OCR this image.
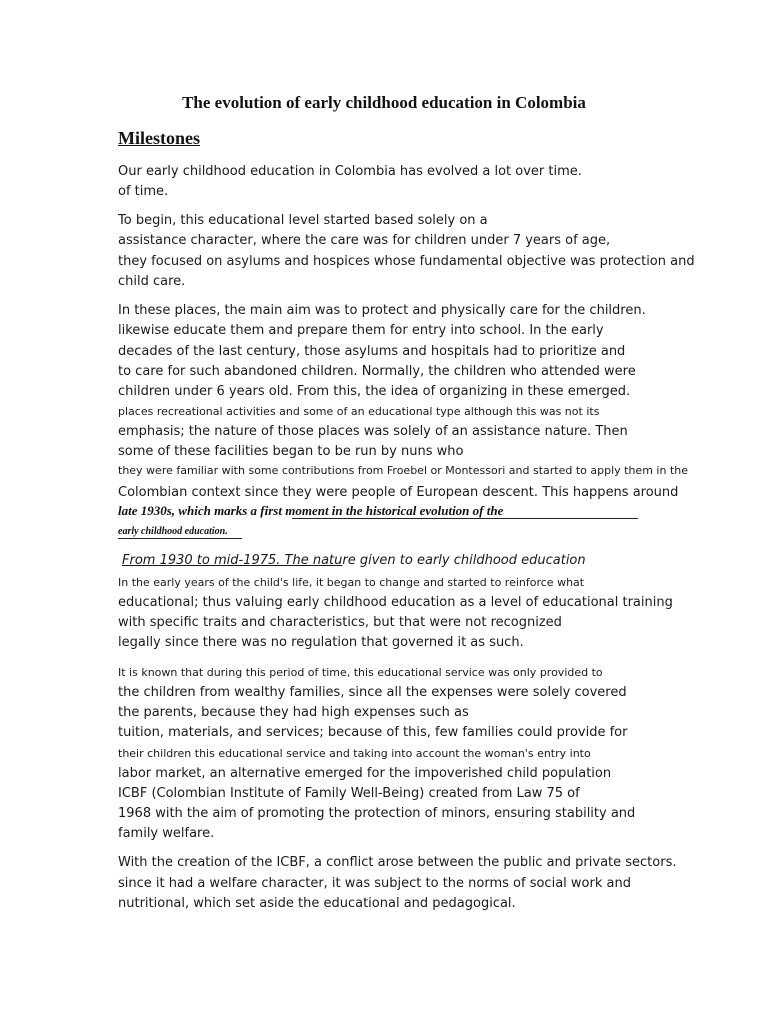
The evolution of early childhood education in Colombia
Milestones
Our early childhood education in Colombia has evolved a lot over time.
of time.
To begin, this educational level started based solely on a
assistance character, where the care was for children under 7 years of age,
they focused on asylums and hospices whose fundamental objective was protection and
child care.
In these places, the main aim was to protect and physically care for the children.
likewise educate them and prepare them for entry into school. In the early
decades of the last century, those asylums and hospitals had to prioritize and
to care for such abandoned children. Normally, the children who attended were
children under 6 years old. From this, the idea of organizing in these emerged.
places recreational activities and some of an educational type although this was not its
emphasis; the nature of those places was solely of an assistance nature. Then
some of these facilities began to be run by nuns who
they were familiar with some contributions from Froebel or Montessori and started to apply them in the
Colombian context since they were people of European descent. This happens around
late 1930s, which marks a first moment in the historical evolution of the
early childhood education.
From 1930 to mid-1975. The nature given to early childhood education
In the early years of the child's life, it began to change and started to reinforce what
educational; thus valuing early childhood education as a level of educational training
with specific traits and characteristics, but that were not recognized
legally since there was no regulation that governed it as such.
It is known that during this period of time, this educational service was only provided to
the children from wealthy families, since all the expenses were solely covered
the parents, because they had high expenses such as
tuition, materials, and services; because of this, few families could provide for
their children this educational service and taking into account the woman's entry into
labor market, an alternative emerged for the impoverished child population
ICBF (Colombian Institute of Family Well-Being) created from Law 75 of
1968 with the aim of promoting the protection of minors, ensuring stability and
family welfare.
With the creation of the ICBF, a conflict arose between the public and private sectors.
since it had a welfare character, it was subject to the norms of social work and
nutritional, which set aside the educational and pedagogical.
